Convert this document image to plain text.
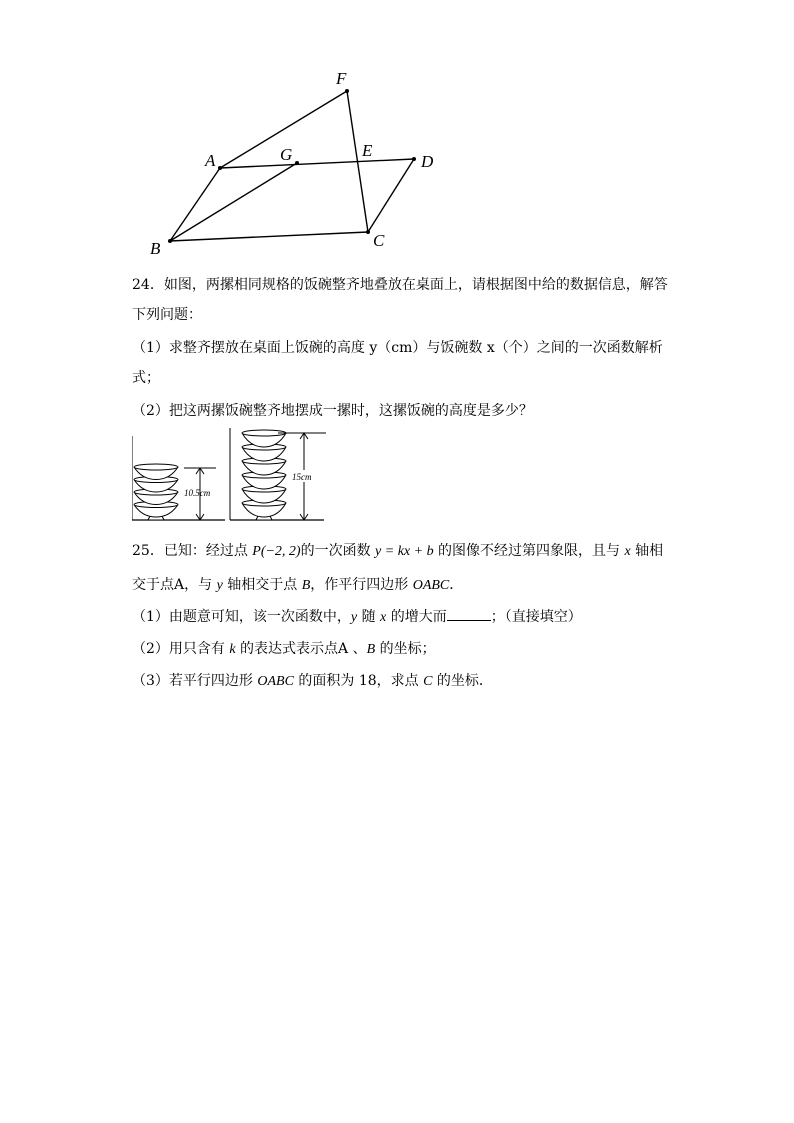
F
A	G	E
D
B	C
24．如图，两摞相同规格的饭碗整齐地叠放在桌面上，请根据图中给的数据信息，解答
下列问题：
（1）求整齐摆放在桌面上饭碗的高度 y（cm）与饭碗数 x（个）之间的一次函数解析
式；
（2）把这两摞饭碗整齐地摆成一摞时，这摞饭碗的高度是多少？
10.5cm
15cm
25．已知：经过点 P(−2, 2)的一次函数 y = kx + b 的图像不经过第四象限，且与 x 轴相
交于点A，与 y 轴相交于点 B，作平行四边形 OABC．
（1）由题意可知，该一次函数中，y 随 x 的增大而	；（直接填空）
（2）用只含有 k 的表达式表示点A 、B 的坐标；
（3）若平行四边形 OABC 的面积为 18，求点 C 的坐标．
